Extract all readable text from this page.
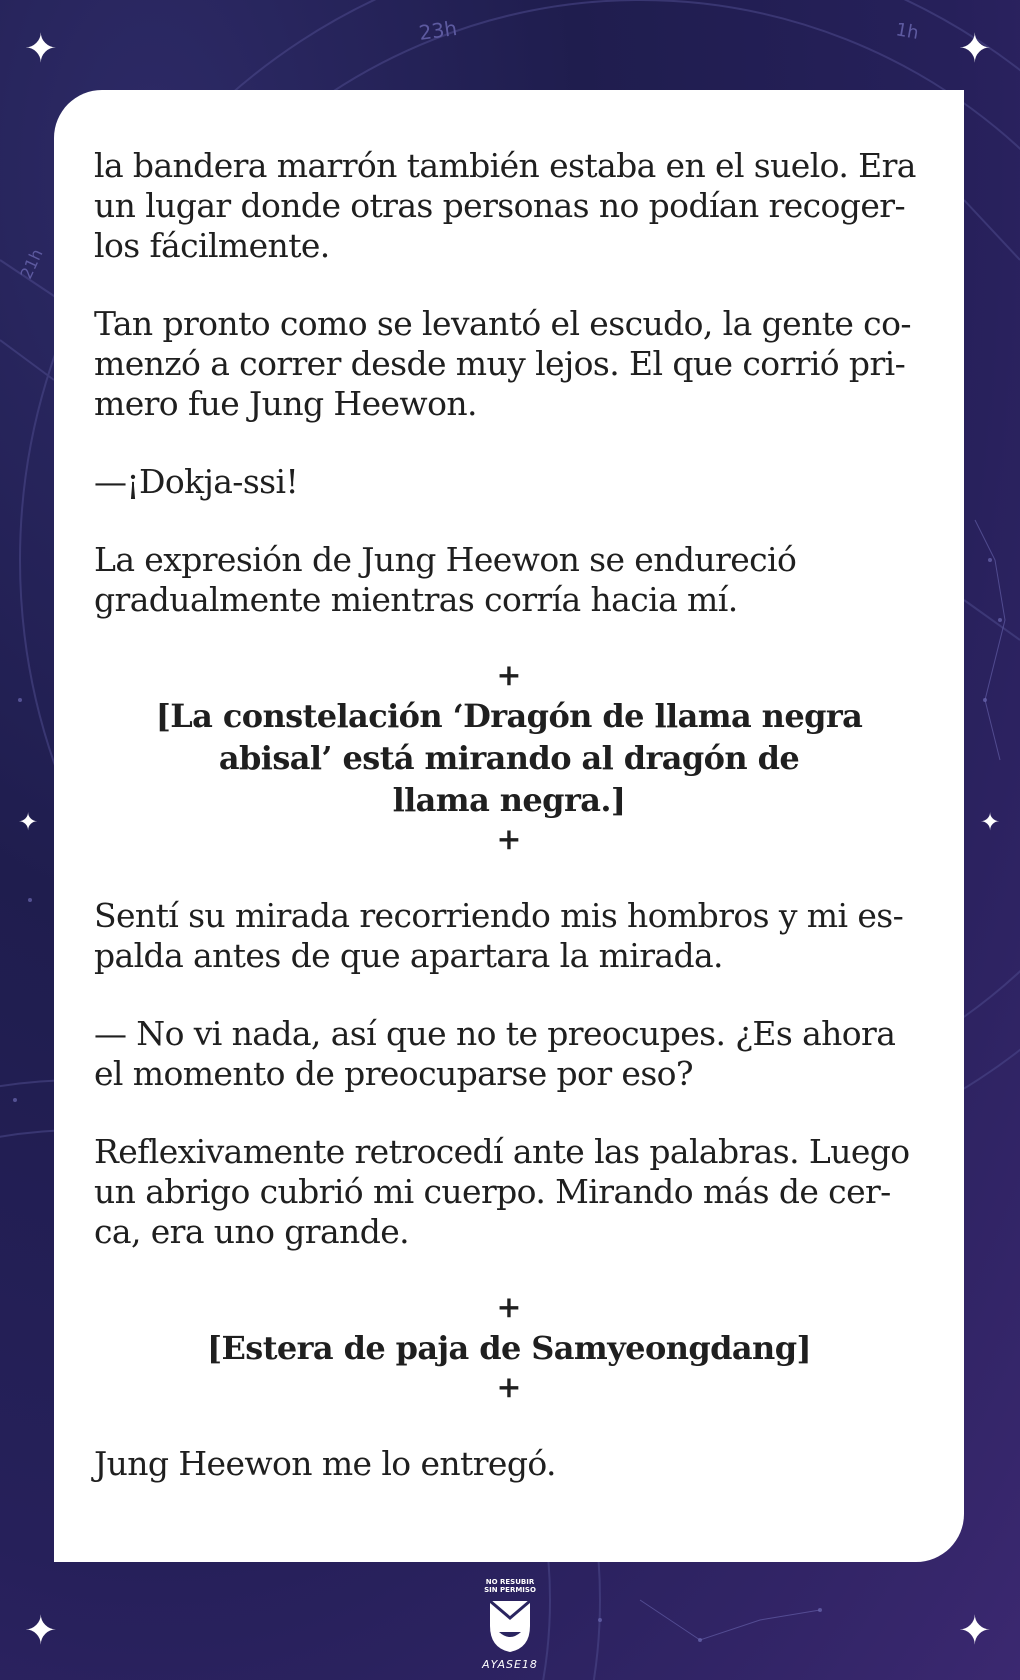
23h	1h
21h
✦	✦
✦	✦
✦	✦

la bandera marrón también estaba en el suelo. Era un lugar donde otras personas no podían recogerlos fácilmente.

Tan pronto como se levantó el escudo, la gente comenzó a correr desde muy lejos. El que corrió primero fue Jung Heewon.

—¡Dokja-ssi!

La expresión de Jung Heewon se endureció gradualmente mientras corría hacia mí.

+
[La constelación ‘Dragón de llama negra
abisal’ está mirando al dragón de
llama negra.]
+

Sentí su mirada recorriendo mis hombros y mi espalda antes de que apartara la mirada.

— No vi nada, así que no te preocupes. ¿Es ahora el momento de preocuparse por eso?

Reflexivamente retrocedí ante las palabras. Luego un abrigo cubrió mi cuerpo. Mirando más de cerca, era uno grande.

+
[Estera de paja de Samyeongdang]
+

Jung Heewon me lo entregó.

NO RESUBIR
SIN PERMISO
AYASE18
